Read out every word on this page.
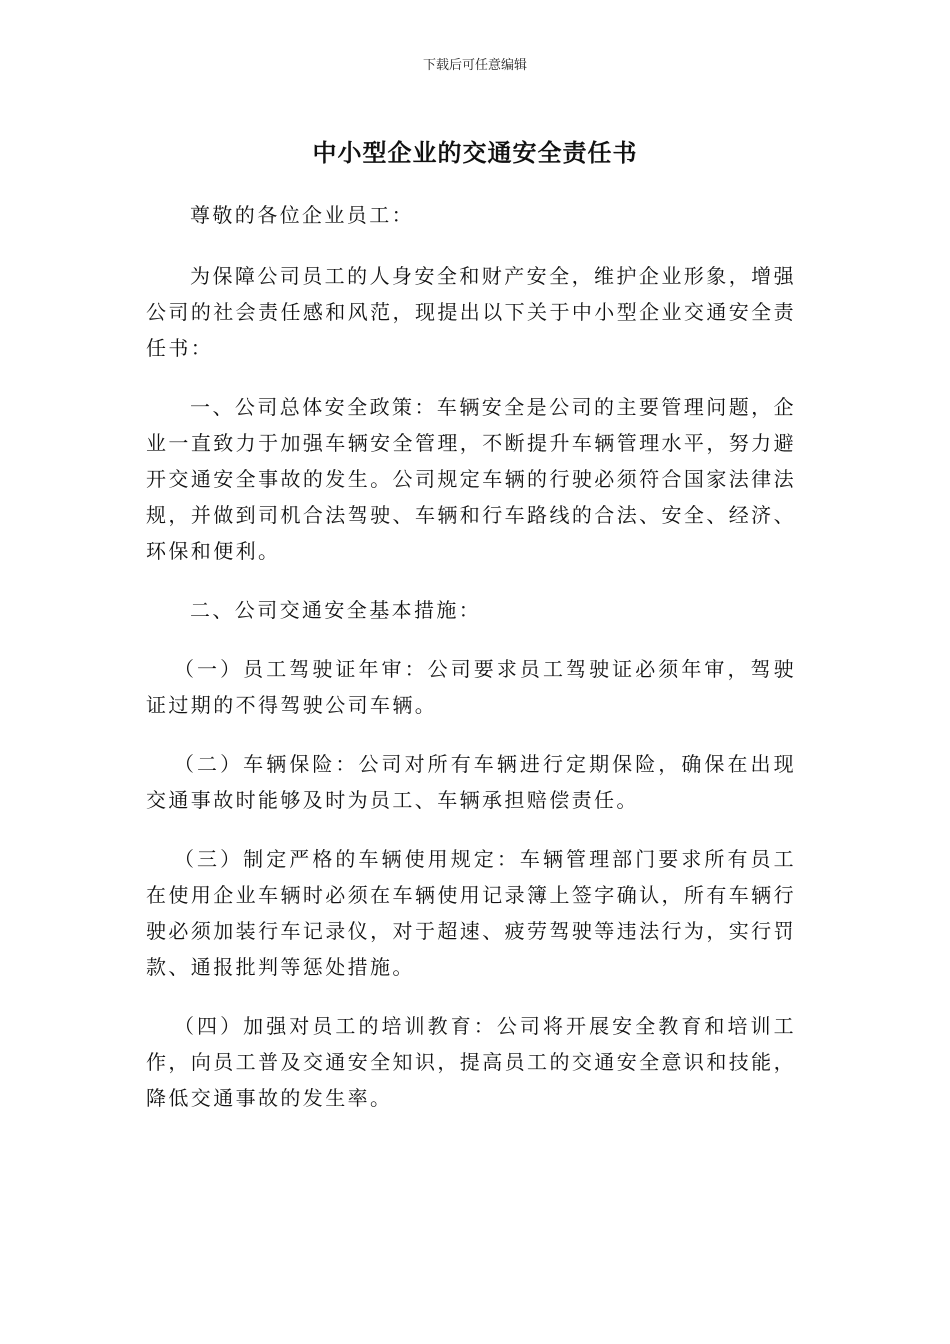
下载后可任意编辑
中小型企业的交通安全责任书

尊敬的各位企业员工：

为保障公司员工的人身安全和财产安全，维护企业形象，增强公司的社会责任感和风范，现提出以下关于中小型企业交通安全责任书：

一、公司总体安全政策：车辆安全是公司的主要管理问题，企业一直致力于加强车辆安全管理，不断提升车辆管理水平，努力避开交通安全事故的发生。公司规定车辆的行驶必须符合国家法律法规，并做到司机合法驾驶、车辆和行车路线的合法、安全、经济、环保和便利。

二、公司交通安全基本措施：

（一）员工驾驶证年审：公司要求员工驾驶证必须年审，驾驶证过期的不得驾驶公司车辆。

（二）车辆保险：公司对所有车辆进行定期保险，确保在出现交通事故时能够及时为员工、车辆承担赔偿责任。

（三）制定严格的车辆使用规定：车辆管理部门要求所有员工在使用企业车辆时必须在车辆使用记录簿上签字确认，所有车辆行驶必须加装行车记录仪，对于超速、疲劳驾驶等违法行为，实行罚款、通报批判等惩处措施。

（四）加强对员工的培训教育：公司将开展安全教育和培训工作，向员工普及交通安全知识，提高员工的交通安全意识和技能，降低交通事故的发生率。
